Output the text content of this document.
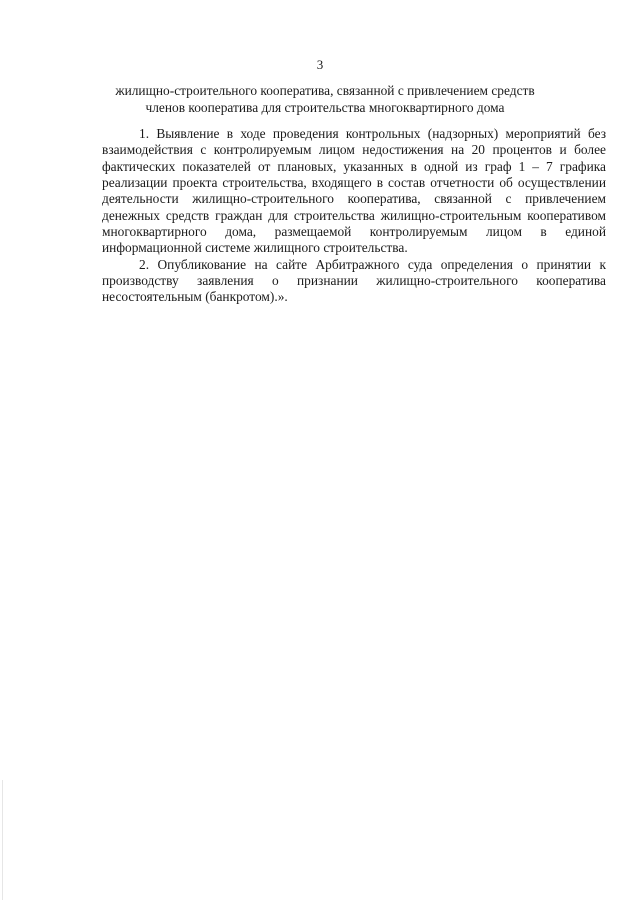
3
жилищно-строительного кооператива, связанной с привлечением средств
членов кооператива для строительства многоквартирного дома

1. Выявление в ходе проведения контрольных (надзорных) мероприятий без взаимодействия с контролируемым лицом недостижения на 20 процентов и более фактических показателей от плановых, указанных в одной из граф 1 – 7 графика реализации проекта строительства, входящего в состав отчетности об осуществлении деятельности жилищно-строительного кооператива, связанной с привлечением денежных средств граждан для строительства жилищно-строительным кооперативом многоквартирного дома, размещаемой контролируемым лицом в единой информационной системе жилищного строительства.

2. Опубликование на сайте Арбитражного суда определения о принятии к производству заявления о признании жилищно-строительного кооператива несостоятельным (банкротом).».
